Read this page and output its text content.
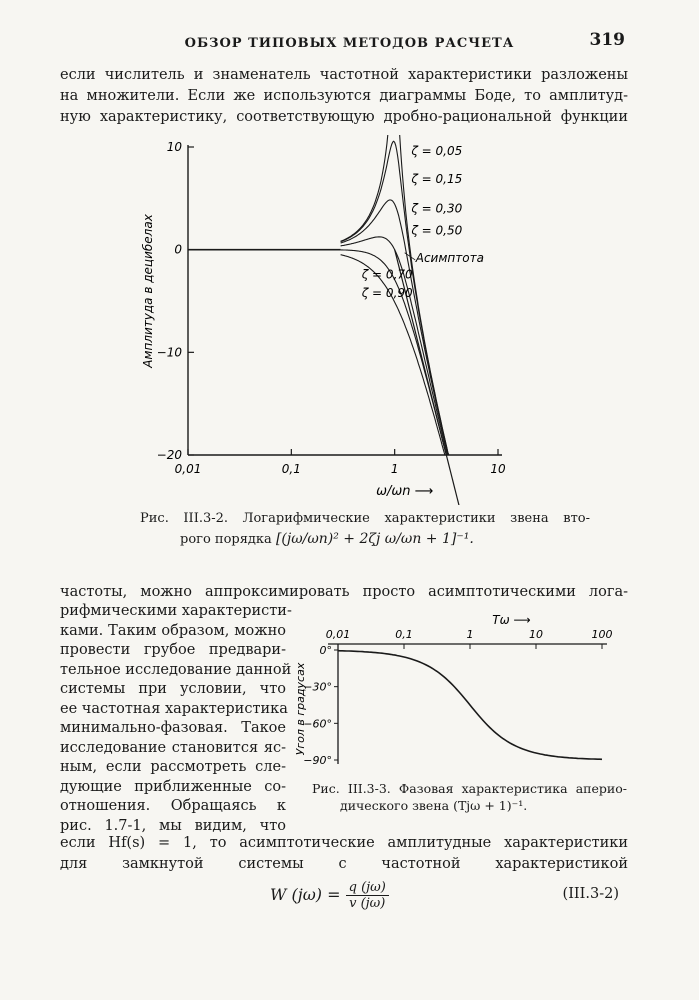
ОБЗОР ТИПОВЫХ МЕТОДОВ РАСЧЕТА	319
если числитель и знаменатель частотной характеристики разложены
на множители. Если же используются диаграммы Боде, то амплитуд-
ную характеристику, соответствующую дробно-рациональной функции
0,01	0,1	1	10
10
0
−10
−20
ω/ωn ⟶
Амплитуда в децибелах
ζ = 0,05
ζ = 0,15
ζ = 0,30
ζ = 0,50
ζ = 0,70
ζ = 0,90
Асимптота
Рис. III.3-2. Логарифмические характеристики звена вто-
рого порядка [(jω/ωn)² + 2ζj ω/ωn + 1]⁻¹.
частоты, можно аппроксимировать просто асимптотическими лога-
рифмическими характеристи-
ками. Таким образом, можно
провести грубое предвари-
тельное исследование данной
системы при условии, что
ее частотная характеристика
минимально-фазовая. Такое
исследование становится яс-
ным, если рассмотреть сле-
дующие приближенные со-
отношения. Обращаясь к
рис. 1.7-1, мы видим, что
0,01	0,1	1	10	100
0°
−30°
−60°
−90°
Tω ⟶
Угол в градусах
Рис. III.3-3. Фазовая характеристика апериo-
дического звена (Tjω + 1)⁻¹.
если Hf(s) = 1, то асимптотические амплитудные характеристики
для замкнутой системы с частотной характеристикой
W $(j\omega) = \frac{q (j\omega)}{v (j\omega)}$	(III.3-2)
